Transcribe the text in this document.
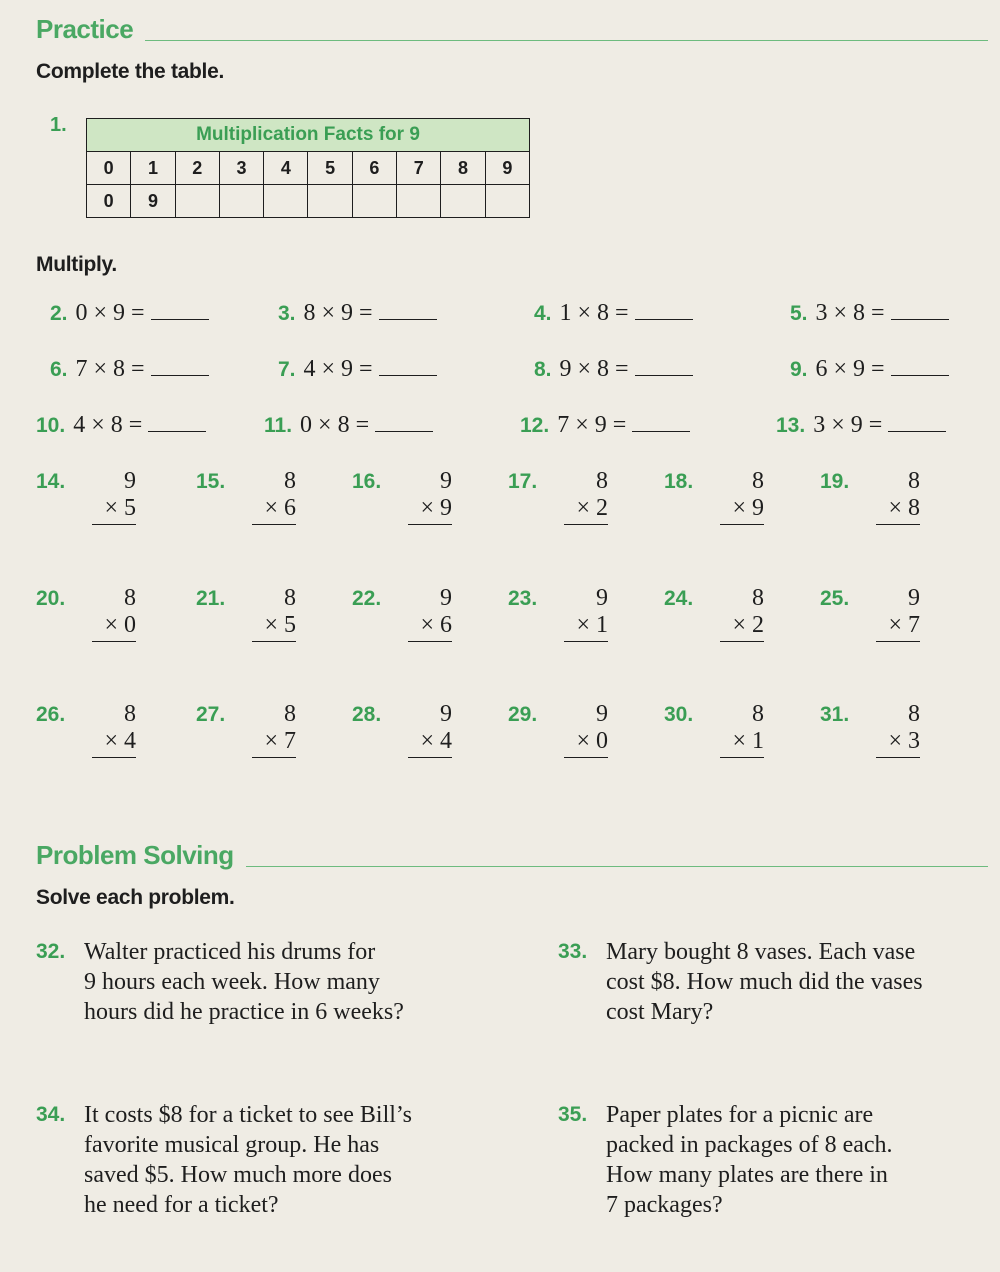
Practice
Complete the table.
1.	Multiplication Facts for 9									
0	1	2	3	4	5	6	7	8	9
0	9								
Multiply.
2. 0 × 9 =	3. 8 × 9 =	4. 1 × 8 =	5. 3 × 8 =
6. 7 × 8 =	7. 4 × 9 =	8. 9 × 8 =	9. 6 × 9 =
10. 4 × 8 =	11. 0 × 8 =	12. 7 × 9 =	13. 3 × 9 =
14.	9
× 5
15.	8
× 6
16.	9
× 9
17.	8
× 2
18.	8
× 9
19.	8
× 8
20.	8
× 0
21.	8
× 5
22.	9
× 6
23.	9
× 1
24.	8
× 2
25.	9
× 7
26.	8
× 4
27.	8
× 7
28.	9
× 4
29.	9
× 0
30.	8
× 1
31.	8
× 3
Problem Solving
Solve each problem.
32. Walter practiced his drums for
9 hours each week. How many
hours did he practice in 6 weeks?
33. Mary bought 8 vases. Each vase
cost $8. How much did the vases
cost Mary?
34. It costs $8 for a ticket to see Bill’s
favorite musical group. He has
saved $5. How much more does
he need for a ticket?
35. Paper plates for a picnic are
packed in packages of 8 each.
How many plates are there in
7 packages?
